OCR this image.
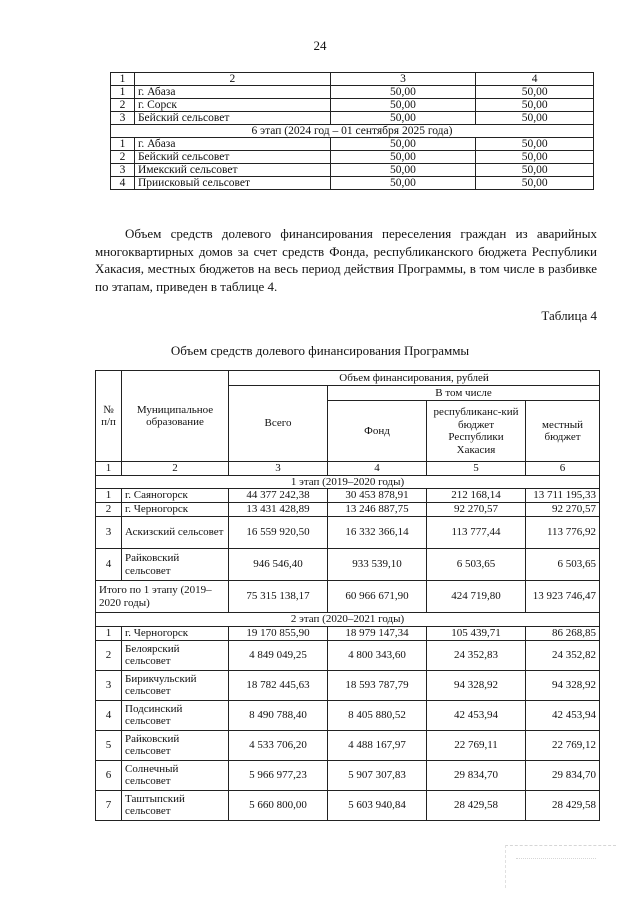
24
1	2	3	4
1	г. Абаза	50,00	50,00
2	г. Сорск	50,00	50,00
3	Бейский сельсовет	50,00	50,00
6 этап (2024 год – 01 сентября 2025 года)			
1	г. Абаза	50,00	50,00
2	Бейский сельсовет	50,00	50,00
3	Имекский сельсовет	50,00	50,00
4	Приисковый сельсовет	50,00	50,00

Объем средств долевого финансирования переселения граждан из аварийных многоквартирных домов за счет средств Фонда, республиканского бюджета Республики Хакасия, местных бюджетов на весь период действия Программы, в том числе в разбивке по этапам, приведен в таблице 4.

Таблица 4
Объем средств долевого финансирования Программы
№ п/п	Муниципальное образование	Объем финансирования, рублей			
		Всего	В том числе		
			Фонд	республиканс-кий бюджет Республики Хакасия	местный бюджет
1	2	3	4	5	6
1 этап (2019–2020 годы)					
1	г. Саяногорск	44 377 242,38	30 453 878,91	212 168,14	13 711 195,33
2	г. Черногорск	13 431 428,89	13 246 887,75	92 270,57	92 270,57
3	Аскизский сельсовет	16 559 920,50	16 332 366,14	113 777,44	113 776,92
4	Райковский сельсовет	946 546,40	933 539,10	6 503,65	6 503,65
Итого по 1 этапу (2019–2020 годы)		75 315 138,17	60 966 671,90	424 719,80	13 923 746,47
2 этап (2020–2021 годы)					
1	г. Черногорск	19 170 855,90	18 979 147,34	105 439,71	86 268,85
2	Белоярский сельсовет	4 849 049,25	4 800 343,60	24 352,83	24 352,82
3	Бирикчульский сельсовет	18 782 445,63	18 593 787,79	94 328,92	94 328,92
4	Подсинский сельсовет	8 490 788,40	8 405 880,52	42 453,94	42 453,94
5	Райковский сельсовет	4 533 706,20	4 488 167,97	22 769,11	22 769,12
6	Солнечный сельсовет	5 966 977,23	5 907 307,83	29 834,70	29 834,70
7	Таштыпский сельсовет	5 660 800,00	5 603 940,84	28 429,58	28 429,58
